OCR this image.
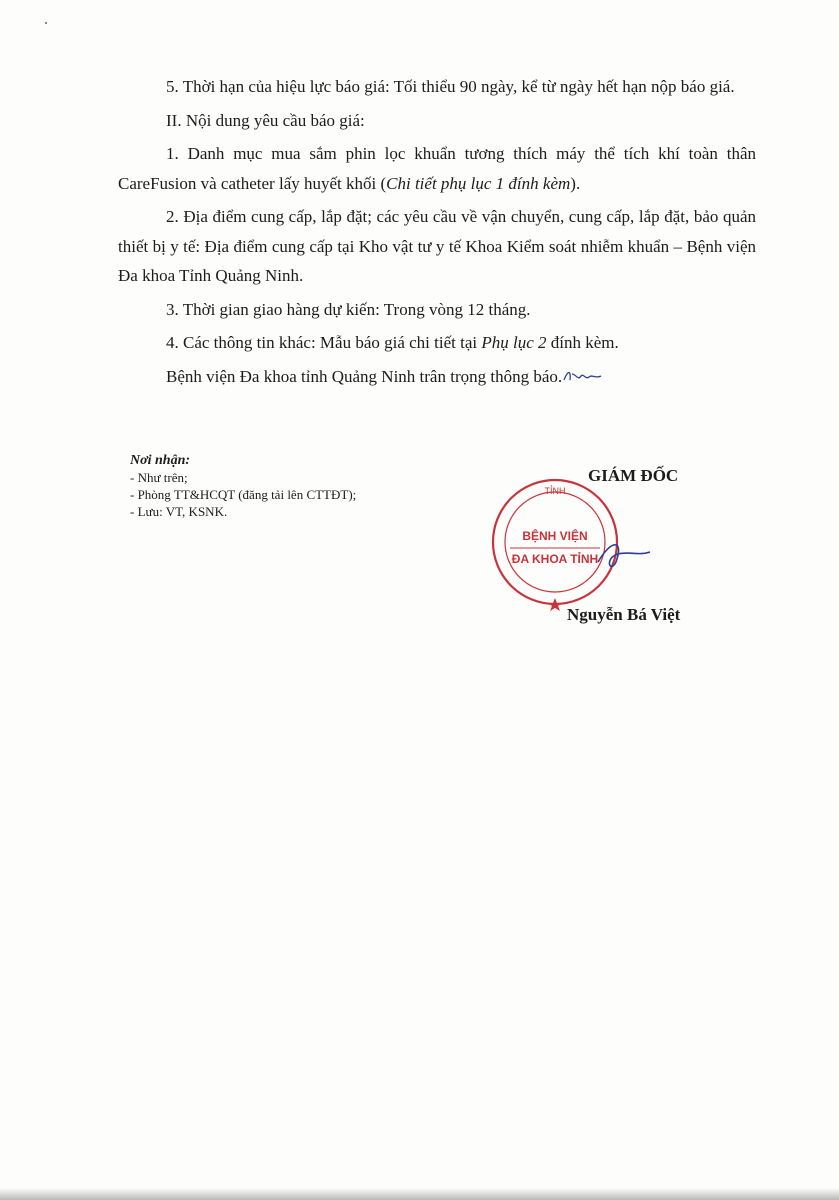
5. Thời hạn của hiệu lực báo giá: Tối thiểu 90 ngày, kể từ ngày hết hạn nộp báo giá.

II. Nội dung yêu cầu báo giá:

1. Danh mục mua sắm phin lọc khuẩn tương thích máy thể tích khí toàn thân CareFusion và catheter lấy huyết khối (Chi tiết phụ lục 1 đính kèm).

2. Địa điểm cung cấp, lắp đặt; các yêu cầu về vận chuyển, cung cấp, lắp đặt, bảo quản thiết bị y tế: Địa điểm cung cấp tại Kho vật tư y tế Khoa Kiểm soát nhiễm khuẩn – Bệnh viện Đa khoa Tỉnh Quảng Ninh.

3. Thời gian giao hàng dự kiến: Trong vòng 12 tháng.

4. Các thông tin khác: Mẫu báo giá chi tiết tại Phụ lục 2 đính kèm.

Bệnh viện Đa khoa tỉnh Quảng Ninh trân trọng thông báo.

Nơi nhận:
- Như trên;
- Phòng TT&HCQT (đăng tải lên CTTĐT);
- Lưu: VT, KSNK.
GIÁM ĐỐC
TỈNH
BỆNH VIỆN
ĐA KHOA TỈNH
Nguyễn Bá Việt
